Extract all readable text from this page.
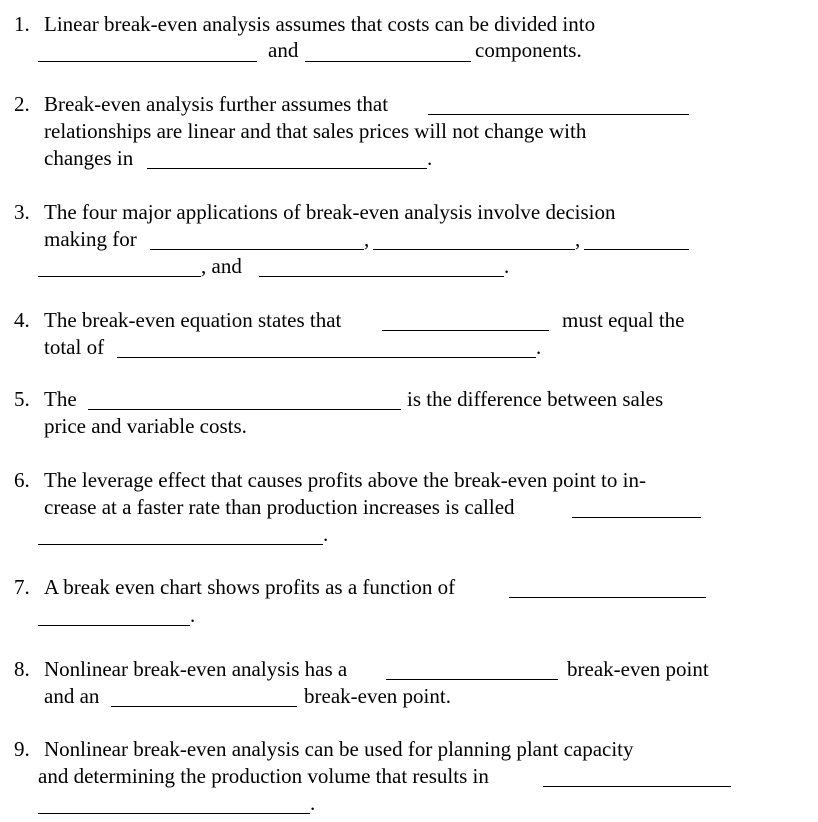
1. Linear break-even analysis assumes that costs can be divided into
and	components.
2. Break-even analysis further assumes that
relationships are linear and that sales prices will not change with
changes in	.
3. The four major applications of break-even analysis involve decision
making for	,	,
, and	.
4. The break-even equation states that	must equal the
total of	.
5. The	is the difference between sales
price and variable costs.
6. The leverage effect that causes profits above the break-even point to in-
crease at a faster rate than production increases is called
.
7. A break even chart shows profits as a function of
.
8. Nonlinear break-even analysis has a	break-even point
and an	break-even point.
9. Nonlinear break-even analysis can be used for planning plant capacity
and determining the production volume that results in
.
